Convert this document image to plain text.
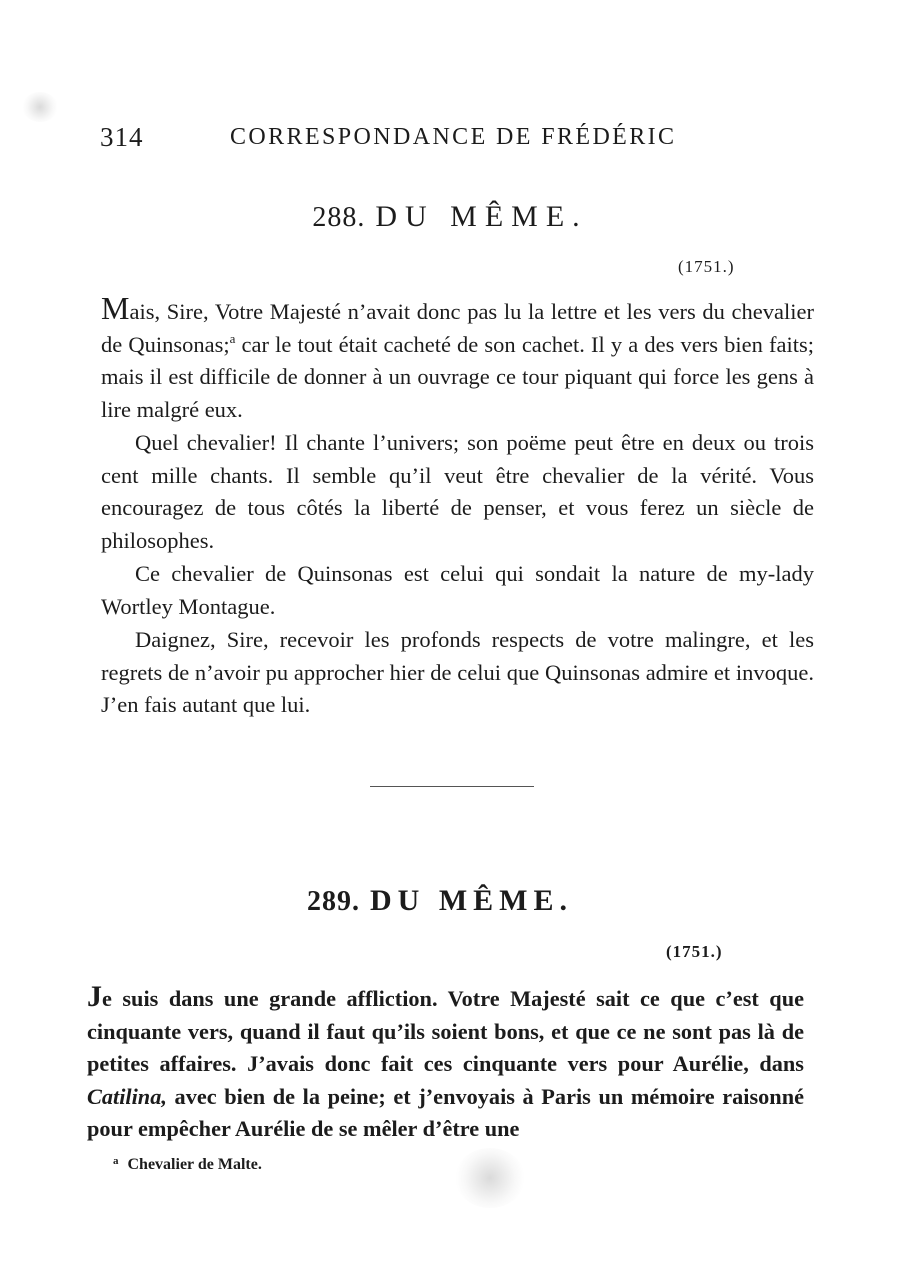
314	CORRESPONDANCE DE FRÉDÉRIC
288. DU MÊME.
(1751.)

Mais, Sire, Votre Majesté n’avait donc pas lu la lettre et les vers du chevalier de Quinsonas;$^a$ car le tout était cacheté de son cachet. Il y a des vers bien faits; mais il est difficile de donner à un ouvrage ce tour piquant qui force les gens à lire malgré eux.

Quel chevalier! Il chante l’univers; son poëme peut être en deux ou trois cent mille chants. Il semble qu’il veut être chevalier de la vérité. Vous encouragez de tous côtés la liberté de penser, et vous ferez un siècle de philosophes.

Ce chevalier de Quinsonas est celui qui sondait la nature de my-lady Wortley Montague.

Daignez, Sire, recevoir les profonds respects de votre malingre, et les regrets de n’avoir pu approcher hier de celui que Quinsonas admire et invoque. J’en fais autant que lui.

289. DU MÊME.
(1751.)

Je suis dans une grande affliction. Votre Majesté sait ce que c’est que cinquante vers, quand il faut qu’ils soient bons, et que ce ne sont pas là de petites affaires. J’avais donc fait ces cinquante vers pour Aurélie, dans Catilina, avec bien de la peine; et j’envoyais à Paris un mémoire raisonné pour empêcher Aurélie de se mêler d’être une

$^a$ Chevalier de Malte.
